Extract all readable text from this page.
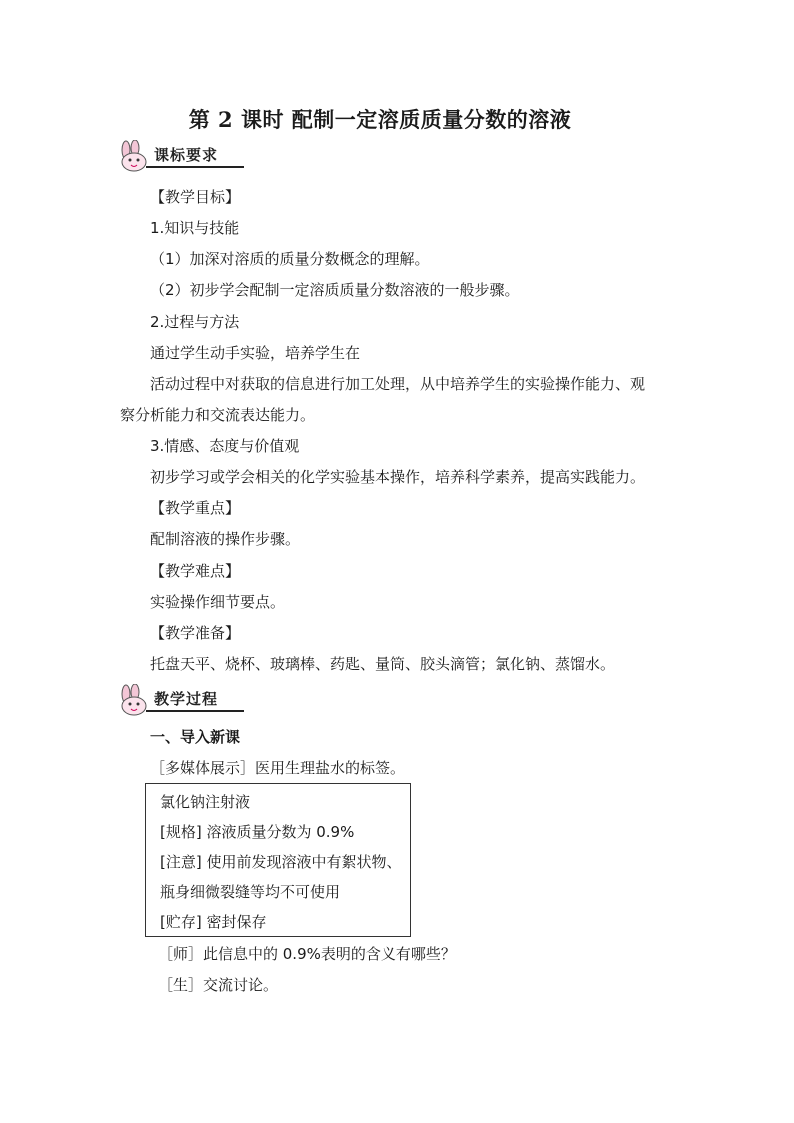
第 2 课时 配制一定溶质质量分数的溶液
课标要求
【教学目标】
1.知识与技能
（1）加深对溶质的质量分数概念的理解。
（2）初步学会配制一定溶质质量分数溶液的一般步骤。
2.过程与方法
通过学生动手实验，培养学生在
活动过程中对获取的信息进行加工处理，从中培养学生的实验操作能力、观
察分析能力和交流表达能力。
3.情感、态度与价值观
初步学习或学会相关的化学实验基本操作，培养科学素养，提高实践能力。
【教学重点】
配制溶液的操作步骤。
【教学难点】
实验操作细节要点。
【教学准备】
托盘天平、烧杯、玻璃棒、药匙、量筒、胶头滴管；氯化钠、蒸馏水。
教学过程
一、导入新课
［多媒体展示］医用生理盐水的标签。
氯化钠注射液
[规格] 溶液质量分数为 0.9%
[注意] 使用前发现溶液中有絮状物、
瓶身细微裂缝等均不可使用
[贮存] 密封保存
［师］此信息中的 0.9%表明的含义有哪些？
［生］交流讨论。
